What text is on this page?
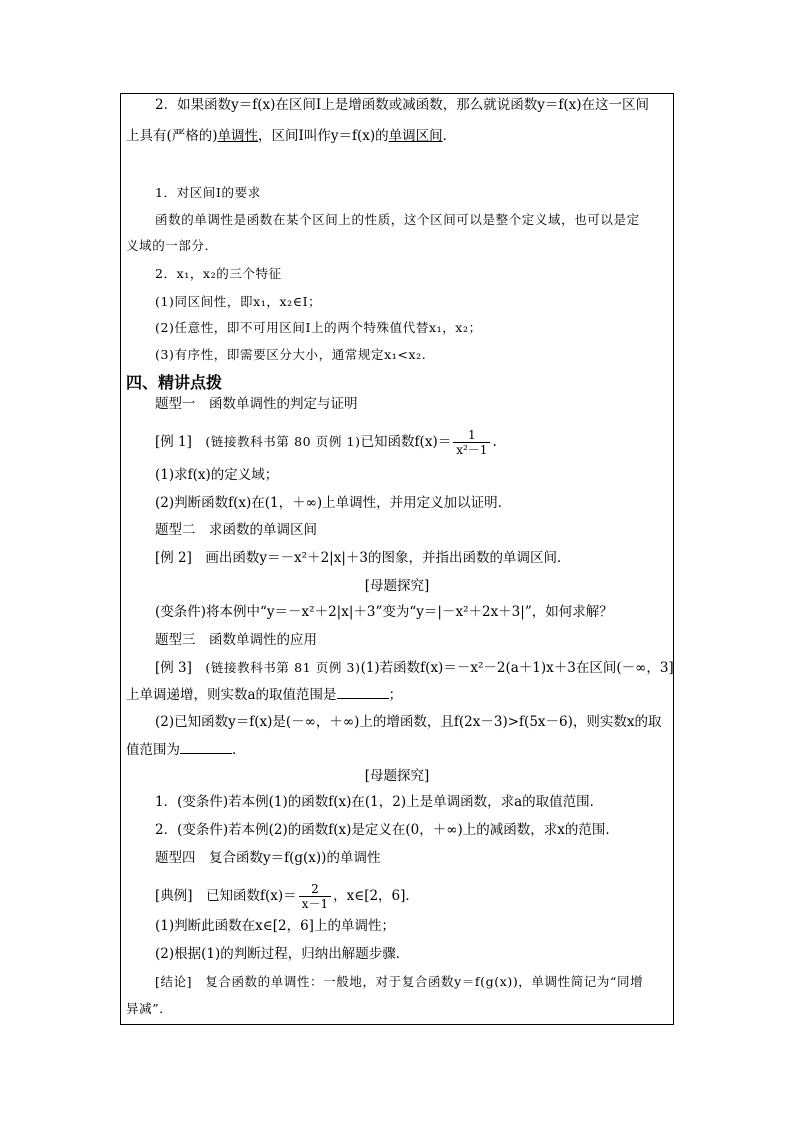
2．如果函数y＝f(x)在区间I上是增函数或减函数，那么就说函数y＝f(x)在这一区间
上具有(严格的)单调性，区间I叫作y＝f(x)的单调区间．
1．对区间I的要求
函数的单调性是函数在某个区间上的性质，这个区间可以是整个定义域，也可以是定
义域的一部分．
2．x₁，x₂的三个特征
(1)同区间性，即x₁，x₂∈I；
(2)任意性，即不可用区间I上的两个特殊值代替x₁，x₂；
(3)有序性，即需要区分大小，通常规定x₁<x₂.
四、精讲点拨
题型一　函数单调性的判定与证明
[例 1]　 (链接教科书第 80 页例 1)已知函数$f(x)= \frac{1}{\text{x²－1}}$ .
(1)求f(x)的定义域；
(2)判断函数f(x)在(1，＋∞)上单调性，并用定义加以证明．
题型二　求函数的单调区间
[例 2]　画出函数y＝－x²＋2|x|＋3的图象，并指出函数的单调区间．
[母题探究]
(变条件)将本例中“y＝－x²＋2|x|＋3”变为“y＝|－x²＋2x＋3|”，如何求解？
题型三　函数单调性的应用
[例 3]　 (链接教科书第 81 页例 3)(1)若函数f(x)＝－x²－2(a＋1)x＋3在区间(－∞，3]
上单调递增，则实数a的取值范围是	；
(2)已知函数y＝f(x)是(－∞，＋∞)上的增函数，且f(2x－3)>f(5x－6)，则实数x的取
值范围为	．
[母题探究]
1．(变条件)若本例(1)的函数f(x)在(1，2)上是单调函数，求a的取值范围．
2．(变条件)若本例(2)的函数f(x)是定义在(0，＋∞)上的减函数，求x的范围．
题型四　复合函数y＝f(g(x))的单调性
[典例]　已知函数$f(x)= \frac{2}{x-1}$ ，x∈[2，6]．
(1)判断此函数在x∈[2，6]上的单调性；
(2)根据(1)的判断过程，归纳出解题步骤．
[结论]　复合函数的单调性：一般地，对于复合函数y＝f(g(x))，单调性简记为“同增
异减”．
